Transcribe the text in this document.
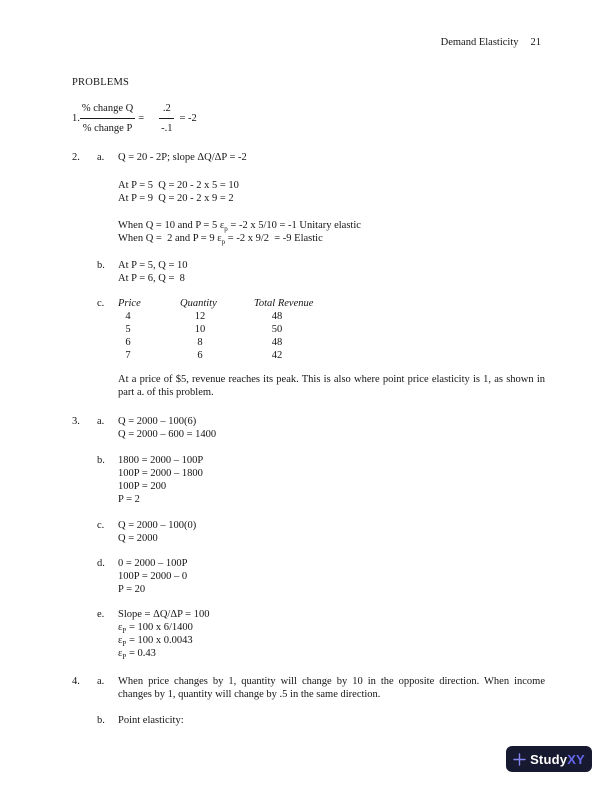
Demand Elasticity 21
PROBLEMS
1. $\frac{\text{\% change Q}}{\text{\% change P}} = \frac{.2}{-.1} = -2$
2.	a.	Q = 20 - 2P; slope ΔQ/ΔP = -2
At P = 5  Q = 20 - 2 x 5 = 10
At P = 9  Q = 20 - 2 x 9 = 2
When Q = 10 and P = 5 $\varepsilon_p = -2$ x 5/10 = -1 Unitary elastic
When Q =  2 and P = 9 $\varepsilon_p = -2$ x 9/2  = -9 Elastic
b.	At P = 5, Q = 10
At P = 6, Q =  8
c.	Price	Quantity	Total Revenue
4	12	48
5	10	50
6	8	48
7	6	42
At a price of $5, revenue reaches its peak. This is also where point price elasticity is 1, as shown in part a. of this problem.
3.	a.	Q = 2000 – 100(6)
Q = 2000 – 600 = 1400
b.	1800 = 2000 – 100P
100P = 2000 – 1800
100P = 200
P = 2
c.	Q = 2000 – 100(0)
Q = 2000
d.	0 = 2000 – 100P
100P = 2000 – 0
P = 20
e.	Slope = ΔQ/ΔP = 100
$\varepsilon_P = 100$ x 6/1400
$\varepsilon_P = 100$ x 0.0043
$\varepsilon_P = 0.43$
4.	a.	When price changes by 1, quantity will change by 10 in the opposite direction. When income changes by 1, quantity will change by .5 in the same direction.
b.	Point elasticity:
StudyXY
